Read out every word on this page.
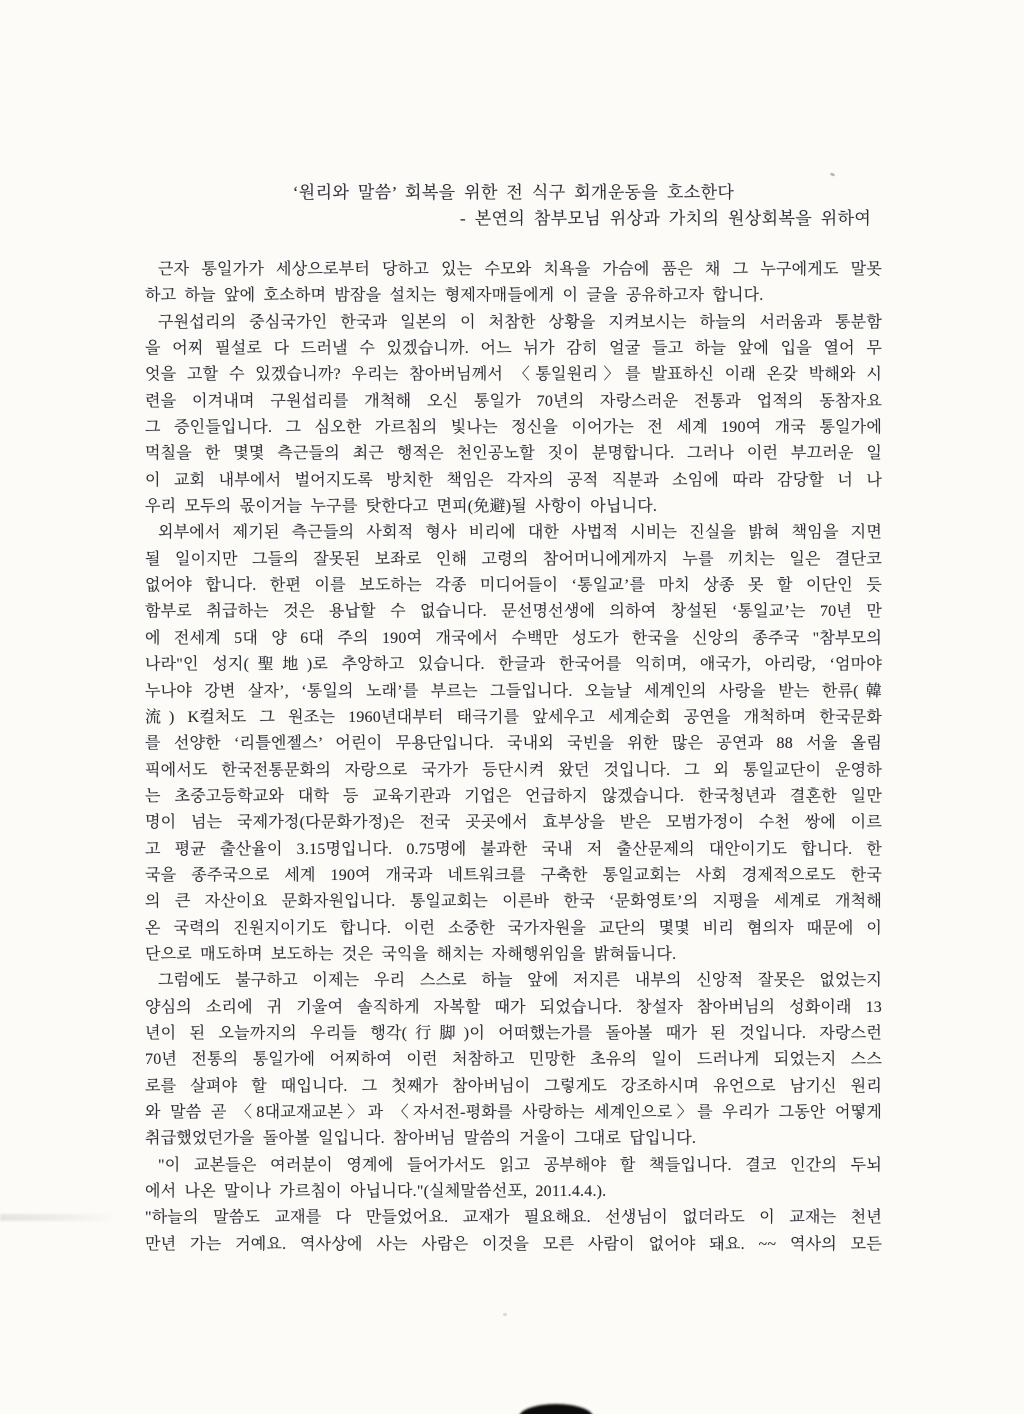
‘원리와 말씀’ 회복을 위한 전 식구 회개운동을 호소한다
- 본연의 참부모님 위상과 가치의 원상회복을 위하여
근자 통일가가 세상으로부터 당하고 있는 수모와 치욕을 가슴에 품은 채 그 누구에게도 말못
하고 하늘 앞에 호소하며 밤잠을 설치는 형제자매들에게 이 글을 공유하고자 합니다.
구원섭리의 중심국가인 한국과 일본의 이 처참한 상황을 지켜보시는 하늘의 서러움과 통분함
을 어찌 필설로 다 드러낼 수 있겠습니까. 어느 뉘가 감히 얼굴 들고 하늘 앞에 입을 열어 무
엇을 고할 수 있겠습니까? 우리는 참아버님께서 〈통일원리〉를 발표하신 이래 온갖 박해와 시
련을 이겨내며 구원섭리를 개척해 오신 통일가 70년의 자랑스러운 전통과 업적의 동참자요
그 증인들입니다. 그 심오한 가르침의 빛나는 정신을 이어가는 전 세계 190여 개국 통일가에
먹칠을 한 몇몇 측근들의 최근 행적은 천인공노할 짓이 분명합니다. 그러나 이런 부끄러운 일
이 교회 내부에서 벌어지도록 방치한 책임은 각자의 공적 직분과 소임에 따라 감당할 너 나
우리 모두의 몫이거늘 누구를 탓한다고 면피(免避)될 사항이 아닙니다.
외부에서 제기된 측근들의 사회적 형사 비리에 대한 사법적 시비는 진실을 밝혀 책임을 지면
될 일이지만 그들의 잘못된 보좌로 인해 고령의 참어머니에게까지 누를 끼치는 일은 결단코
없어야 합니다. 한편 이를 보도하는 각종 미디어들이 ‘통일교’를 마치 상종 못 할 이단인 듯
함부로 취급하는 것은 용납할 수 없습니다. 문선명선생에 의하여 창설된 ‘통일교’는 70년 만
에 전세계 5대 양 6대 주의 190여 개국에서 수백만 성도가 한국을 신앙의 종주국 "참부모의
나라"인 성지(聖地)로 추앙하고 있습니다. 한글과 한국어를 익히며, 애국가, 아리랑, ‘엄마야
누나야 강변 살자’, ‘통일의 노래’를 부르는 그들입니다. 오늘날 세계인의 사랑을 받는 한류(韓
流) K컬처도 그 원조는 1960년대부터 태극기를 앞세우고 세계순회 공연을 개척하며 한국문화
를 선양한 ‘리틀엔젤스’ 어린이 무용단입니다. 국내외 국빈을 위한 많은 공연과 88 서울 올림
픽에서도 한국전통문화의 자랑으로 국가가 등단시켜 왔던 것입니다. 그 외 통일교단이 운영하
는 초중고등학교와 대학 등 교육기관과 기업은 언급하지 않겠습니다. 한국청년과 결혼한 일만
명이 넘는 국제가정(다문화가정)은 전국 곳곳에서 효부상을 받은 모범가정이 수천 쌍에 이르
고 평균 출산율이 3.15명입니다. 0.75명에 불과한 국내 저 출산문제의 대안이기도 합니다. 한
국을 종주국으로 세계 190여 개국과 네트워크를 구축한 통일교회는 사회 경제적으로도 한국
의 큰 자산이요 문화자원입니다. 통일교회는 이른바 한국 ‘문화영토’의 지평을 세계로 개척해
온 국력의 진원지이기도 합니다. 이런 소중한 국가자원을 교단의 몇몇 비리 혐의자 때문에 이
단으로 매도하며 보도하는 것은 국익을 해치는 자해행위임을 밝혀둡니다.
그럼에도 불구하고 이제는 우리 스스로 하늘 앞에 저지른 내부의 신앙적 잘못은 없었는지
양심의 소리에 귀 기울여 솔직하게 자복할 때가 되었습니다. 창설자 참아버님의 성화이래 13
년이 된 오늘까지의 우리들 행각(行脚)이 어떠했는가를 돌아볼 때가 된 것입니다. 자랑스런
70년 전통의 통일가에 어찌하여 이런 처참하고 민망한 초유의 일이 드러나게 되었는지 스스
로를 살펴야 할 때입니다. 그 첫째가 참아버님이 그렇게도 강조하시며 유언으로 남기신 원리
와 말씀 곧 〈8대교재교본〉과 〈자서전-평화를 사랑하는 세계인으로〉를 우리가 그동안 어떻게
취급했었던가을 돌아볼 일입니다. 참아버님 말씀의 거울이 그대로 답입니다.
"이 교본들은 여러분이 영계에 들어가서도 읽고 공부해야 할 책들입니다. 결코 인간의 두뇌
에서 나온 말이나 가르침이 아닙니다."(실체말씀선포, 2011.4.4.).
"하늘의 말씀도 교재를 다 만들었어요. 교재가 필요해요. 선생님이 없더라도 이 교재는 천년
만년 가는 거예요. 역사상에 사는 사람은 이것을 모른 사람이 없어야 돼요. ~~ 역사의 모든
